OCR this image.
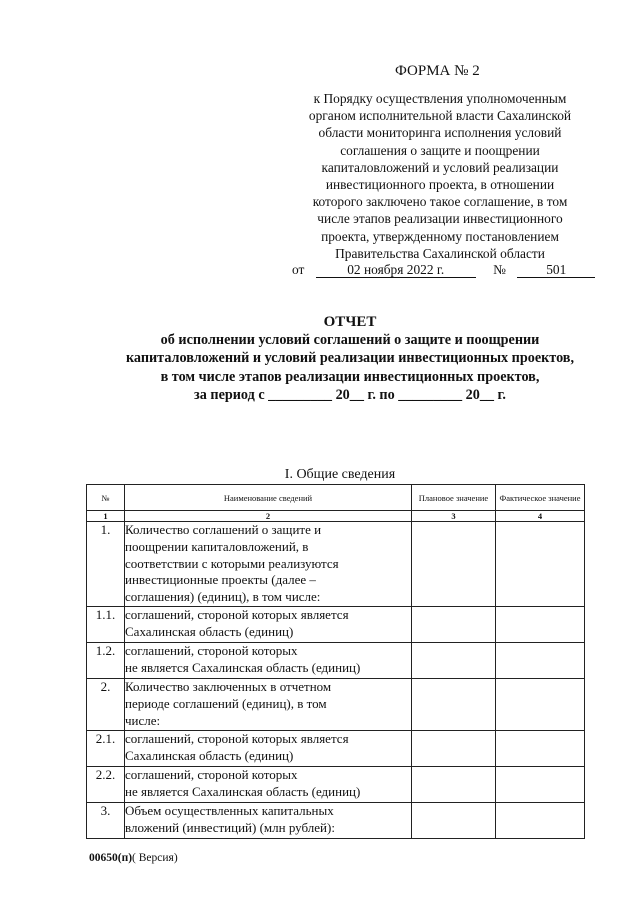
ФОРМА № 2
к Порядку осуществления уполномоченным
органом исполнительной власти Сахалинской
области мониторинга исполнения условий
соглашения о защите и поощрении
капиталовложений и условий реализации
инвестиционного проекта, в отношении
которого заключено такое соглашение, в том
числе этапов реализации инвестиционного
проекта, утвержденному постановлением
Правительства Сахалинской области
от	02 ноября 2022 г.	№	501
ОТЧЕТ
об исполнении условий соглашений о защите и поощрении
капиталовложений и условий реализации инвестиционных проектов,
в том числе этапов реализации инвестиционных проектов,
за период с _________ 20__ г. по _________ 20__ г.
I. Общие сведения
№	Наименование сведений	Плановое значение	Фактическое значение
1	2	3	4
1.	Количество соглашений о защите и
поощрении капиталовложений, в
соответствии с которыми реализуются
инвестиционные проекты (далее –
соглашения) (единиц), в том числе:		

1.1.	соглашений, стороной которых является
Сахалинская область (единиц)		

1.2.	соглашений, стороной которых
не является Сахалинская область (единиц)		

2.	Количество заключенных в отчетном
периоде соглашений (единиц), в том
числе:		

2.1.	соглашений, стороной которых является
Сахалинская область (единиц)		

2.2.	соглашений, стороной которых
не является Сахалинская область (единиц)		

3.	Объем осуществленных капитальных
вложений (инвестиций) (млн рублей):		

00650(п)( Версия)
